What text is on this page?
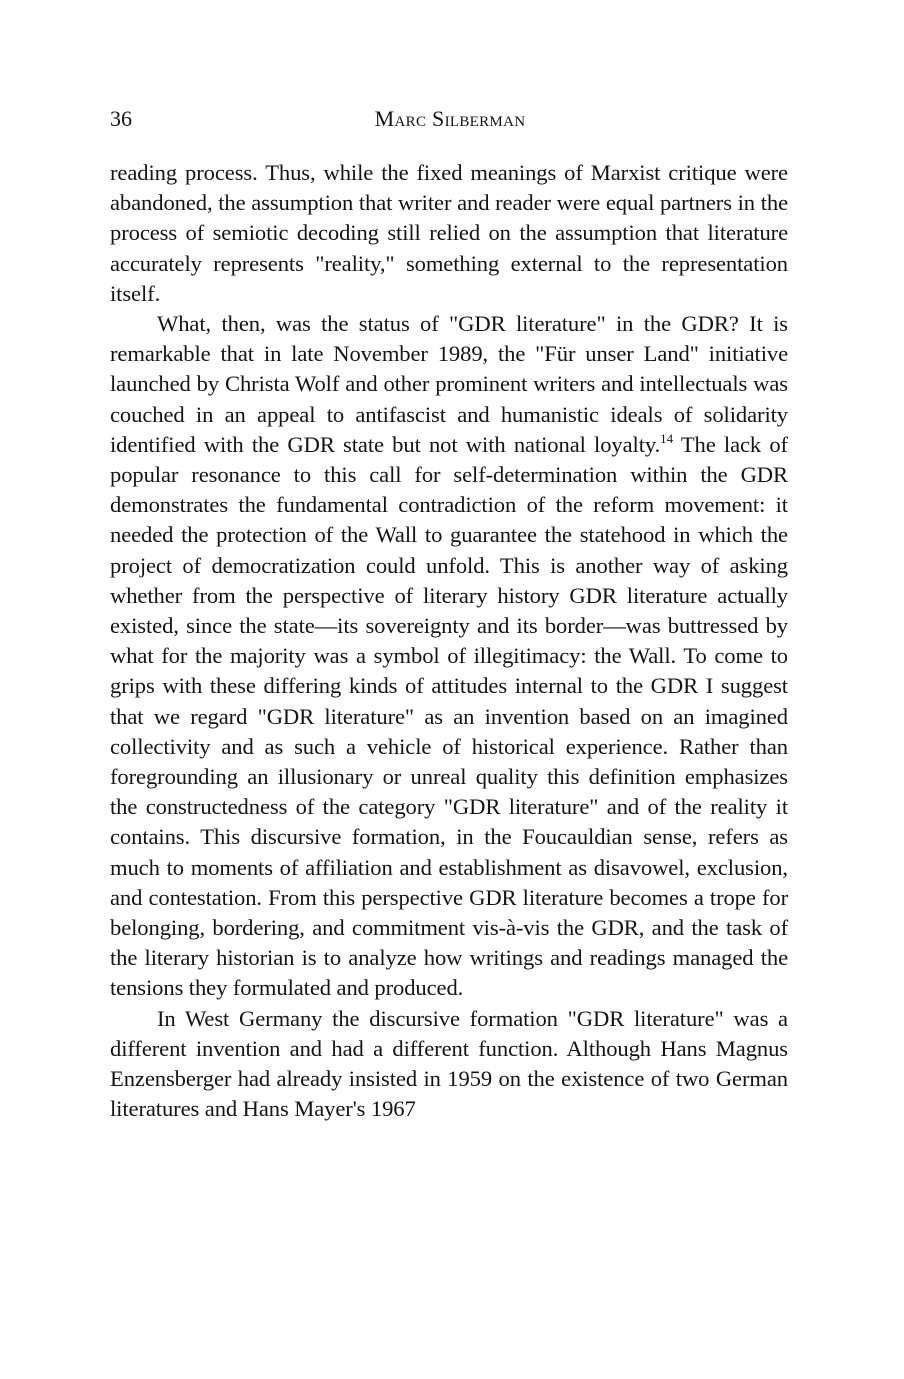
36	Marc Silberman

reading process. Thus, while the fixed meanings of Marxist critique were abandoned, the assumption that writer and reader were equal partners in the process of semiotic decoding still relied on the assumption that literature accurately represents "reality," something external to the representation itself.

What, then, was the status of "GDR literature" in the GDR? It is remarkable that in late November 1989, the "Für unser Land" initiative launched by Christa Wolf and other prominent writers and intellectuals was couched in an appeal to antifascist and humanistic ideals of solidarity identified with the GDR state but not with national loyalty.$^{14}$ The lack of popular resonance to this call for self-determination within the GDR demonstrates the fundamental contradiction of the reform movement: it needed the protection of the Wall to guarantee the statehood in which the project of democratization could unfold. This is another way of asking whether from the perspective of literary history GDR literature actually existed, since the state—its sovereignty and its border—was buttressed by what for the majority was a symbol of illegitimacy: the Wall. To come to grips with these differing kinds of attitudes internal to the GDR I suggest that we regard "GDR literature" as an invention based on an imagined collectivity and as such a vehicle of historical experience. Rather than foregrounding an illusionary or unreal quality this definition emphasizes the constructedness of the category "GDR literature" and of the reality it contains. This discursive formation, in the Foucauldian sense, refers as much to moments of affiliation and establishment as disavowel, exclusion, and contestation. From this perspective GDR literature becomes a trope for belonging, bordering, and commitment vis-à-vis the GDR, and the task of the literary historian is to analyze how writings and readings managed the tensions they formulated and produced.

In West Germany the discursive formation "GDR literature" was a different invention and had a different function. Although Hans Magnus Enzensberger had already insisted in 1959 on the existence of two German literatures and Hans Mayer's 1967
